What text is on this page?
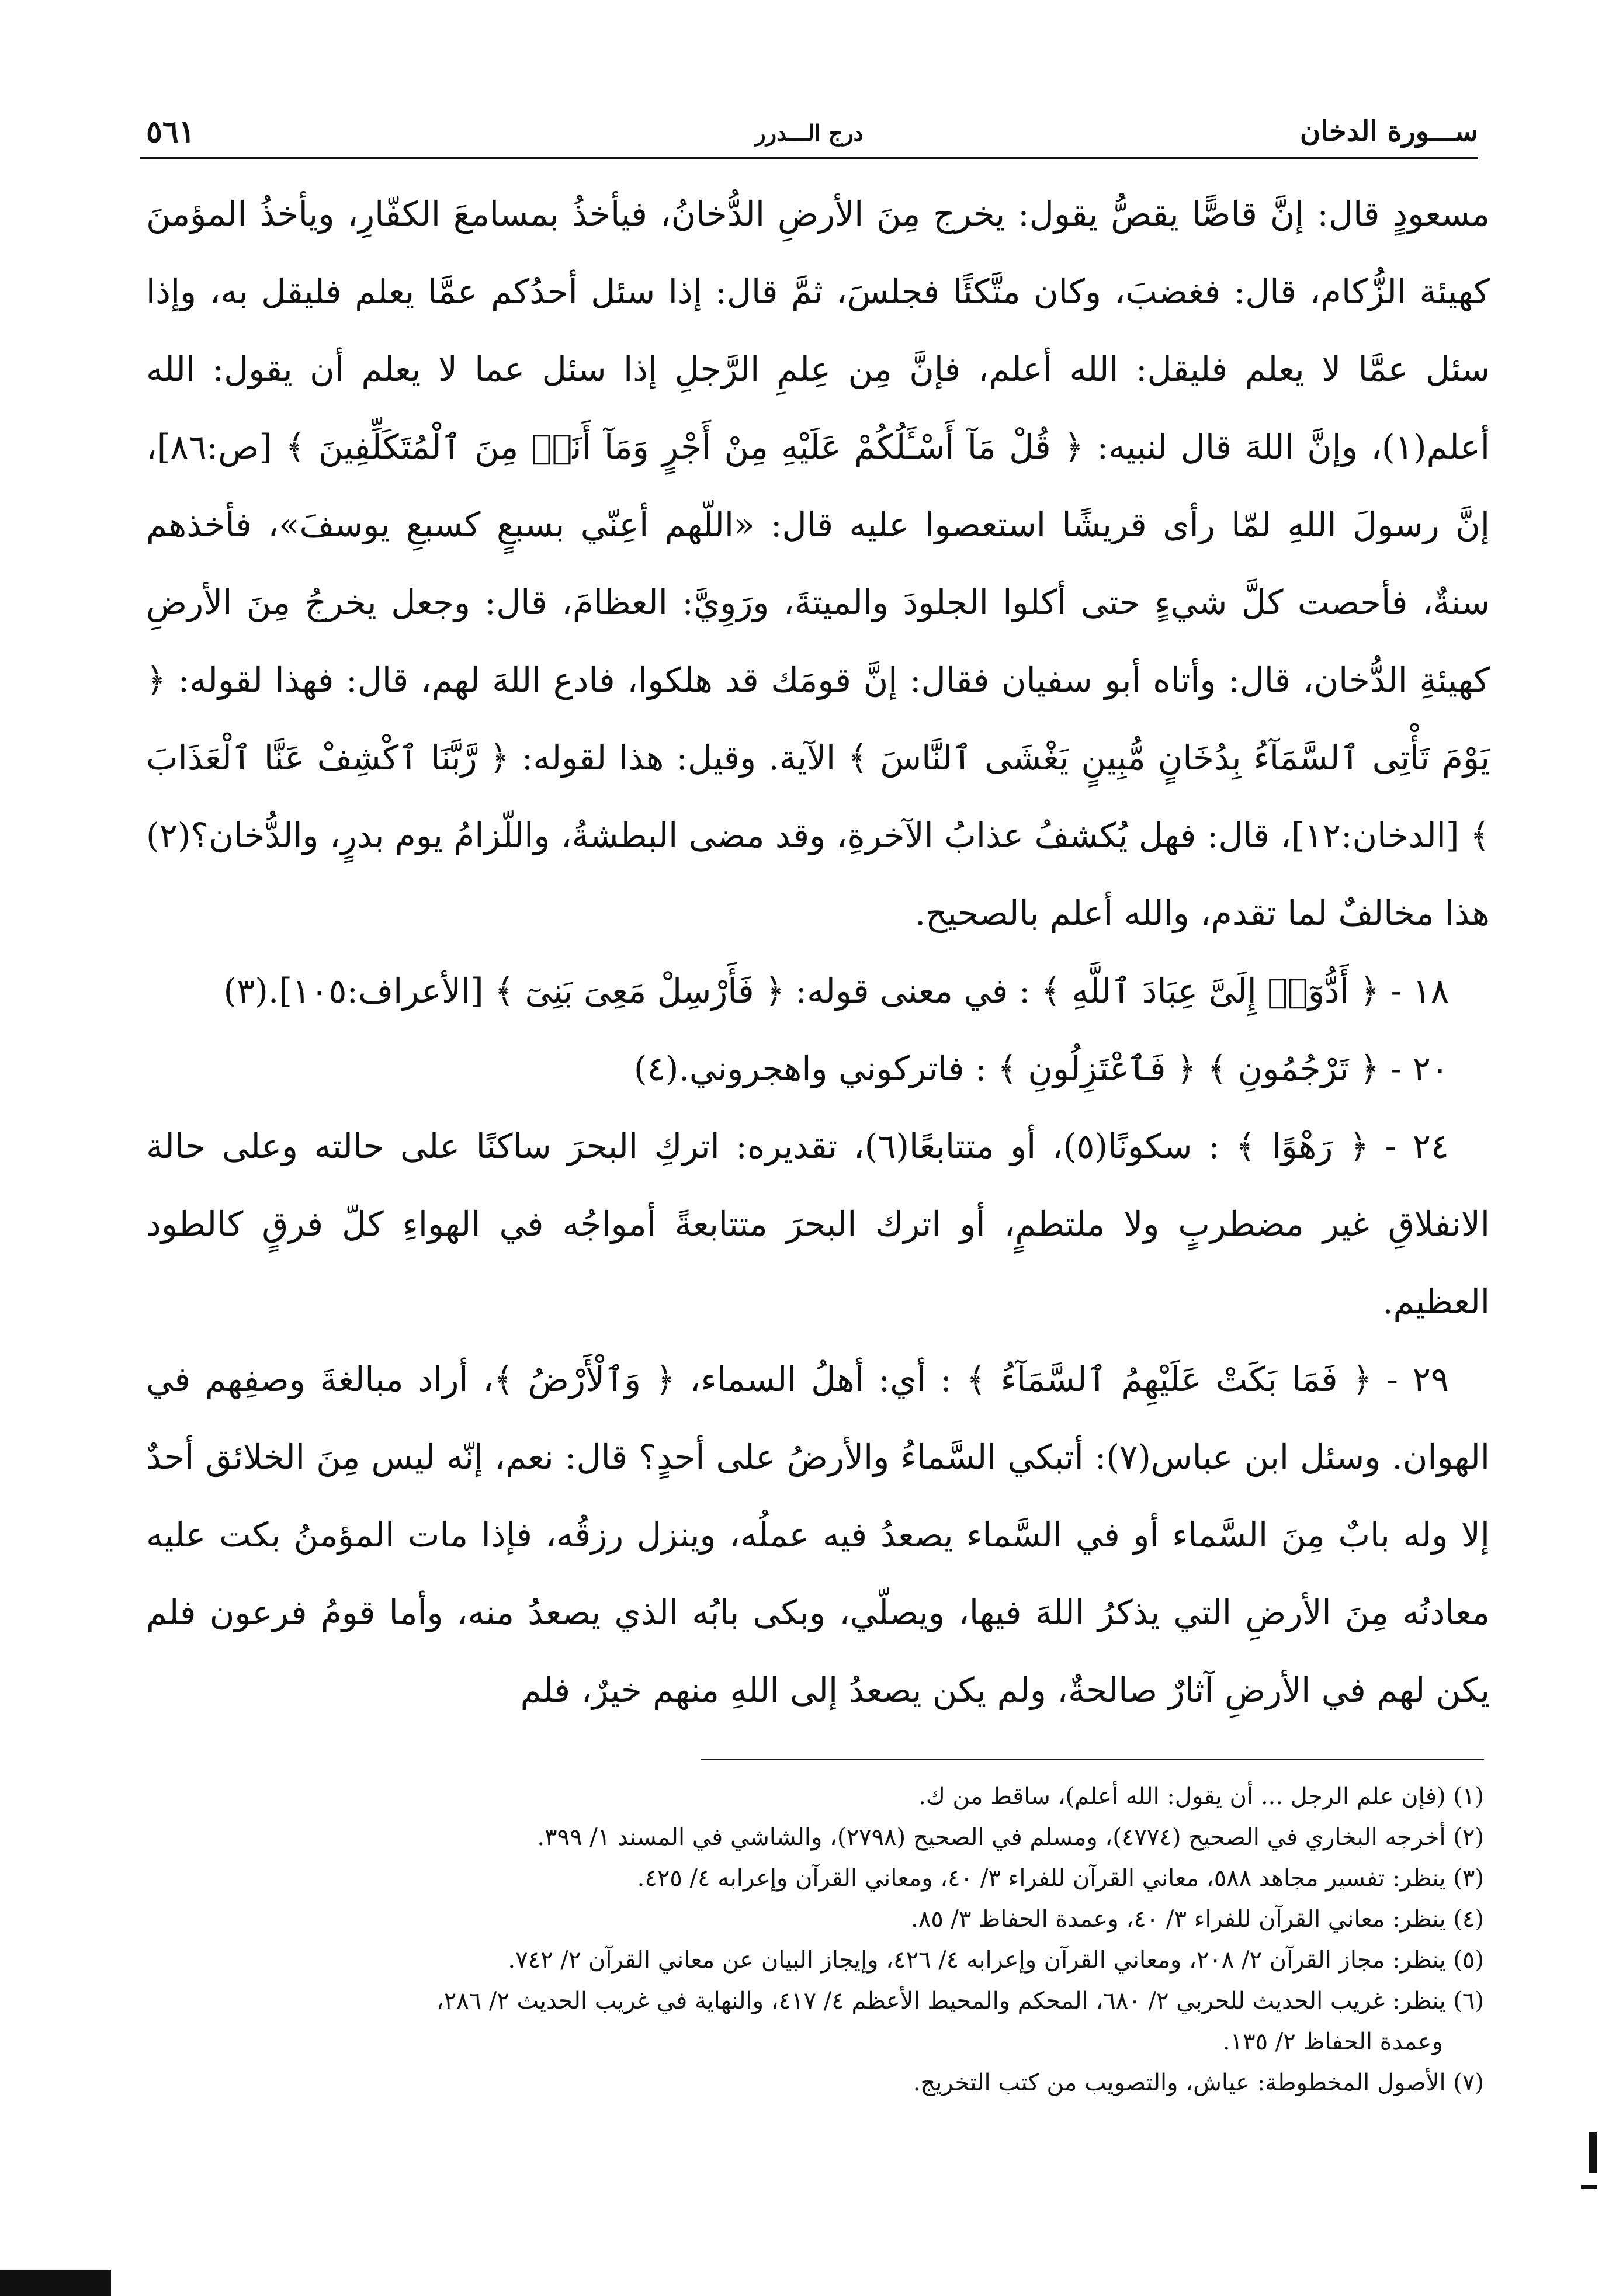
٥٦١	درج الـــدرر	ســـورة الدخان

مسعودٍ قال: إنَّ قاصًّا يقصُّ يقول: يخرج مِنَ الأرضِ الدُّخانُ، فيأخذُ بمسامعَ الكفّارِ، ويأخذُ المؤمنَ كهيئة الزُّكام، قال: فغضبَ، وكان متَّكئًا فجلسَ، ثمَّ قال: إذا سئل أحدُكم عمَّا يعلم فليقل به، وإذا سئل عمَّا لا يعلم فليقل: الله أعلم، فإنَّ مِن عِلمِ الرَّجلِ إذا سئل عما لا يعلم أن يقول: الله أعلم(١)، وإنَّ اللهَ قال لنبيه: ﴿ قُلْ مَآ أَسْـَٔلُكُمْ عَلَيْهِ مِنْ أَجْرٍ وَمَآ أَنَا۠ مِنَ ٱلْمُتَكَلِّفِينَ ﴾ [ص:٨٦]، إنَّ رسولَ اللهِ لمّا رأى قريشًا استعصوا عليه قال: «اللّهم أعِنّي بسبعٍ كسبعِ يوسفَ»، فأخذهم سنةٌ، فأحصت كلَّ شيءٍ حتى أكلوا الجلودَ والميتةَ، ورَوِيَّ: العظامَ، قال: وجعل يخرجُ مِنَ الأرضِ كهيئةِ الدُّخان، قال: وأتاه أبو سفيان فقال: إنَّ قومَك قد هلكوا، فادع اللهَ لهم، قال: فهذا لقوله: ﴿ يَوْمَ تَأْتِى ٱلسَّمَآءُ بِدُخَانٍ مُّبِينٍ يَغْشَى ٱلنَّاسَ ﴾ الآية. وقيل: هذا لقوله: ﴿ رَّبَّنَا ٱكْشِفْ عَنَّا ٱلْعَذَابَ ﴾ [الدخان:١٢]، قال: فهل يُكشفُ عذابُ الآخرةِ، وقد مضى البطشةُ، واللّزامُ يوم بدرٍ، والدُّخان؟(٢) هذا مخالفٌ لما تقدم، والله أعلم بالصحيح.

١٨ - ﴿ أَدُّوٓا۟ إِلَىَّ عِبَادَ ٱللَّهِ ﴾ : في معنى قوله: ﴿ فَأَرْسِلْ مَعِىَ بَنِىٓ ﴾ [الأعراف:١٠٥].(٣)

٢٠ - ﴿ تَرْجُمُونِ ﴾ ﴿ فَٱعْتَزِلُونِ ﴾ : فاتركوني واهجروني.(٤)

٢٤ - ﴿ رَهْوًا ﴾ : سكونًا(٥)، أو متتابعًا(٦)، تقديره: اتركِ البحرَ ساكنًا على حالته وعلى حالة الانفلاقِ غير مضطربٍ ولا ملتطمٍ، أو اترك البحرَ متتابعةً أمواجُه في الهواءِ كلّ فرقٍ كالطود العظيم.

٢٩ - ﴿ فَمَا بَكَتْ عَلَيْهِمُ ٱلسَّمَآءُ ﴾ : أي: أهلُ السماء، ﴿ وَٱلْأَرْضُ ﴾، أراد مبالغةَ وصفِهم في الهوان. وسئل ابن عباس(٧): أتبكي السَّماءُ والأرضُ على أحدٍ؟ قال: نعم، إنّه ليس مِنَ الخلائق أحدٌ إلا وله بابٌ مِنَ السَّماء أو في السَّماء يصعدُ فيه عملُه، وينزل رزقُه، فإذا مات المؤمنُ بكت عليه معادنُه مِنَ الأرضِ التي يذكرُ اللهَ فيها، ويصلّي، وبكى بابُه الذي يصعدُ منه، وأما قومُ فرعون فلم يكن لهم في الأرضِ آثارٌ صالحةٌ، ولم يكن يصعدُ إلى اللهِ منهم خيرٌ، فلم

(١) (فإن علم الرجل ... أن يقول: الله أعلم)، ساقط من ك.

(٢) أخرجه البخاري في الصحيح (٤٧٧٤)، ومسلم في الصحيح (٢٧٩٨)، والشاشي في المسند ١/ ٣٩٩.

(٣) ينظر: تفسير مجاهد ٥٨٨، معاني القرآن للفراء ٣/ ٤٠، ومعاني القرآن وإعرابه ٤/ ٤٢٥.

(٤) ينظر: معاني القرآن للفراء ٣/ ٤٠، وعمدة الحفاظ ٣/ ٨٥.

(٥) ينظر: مجاز القرآن ٢/ ٢٠٨، ومعاني القرآن وإعرابه ٤/ ٤٢٦، وإيجاز البيان عن معاني القرآن ٢/ ٧٤٢.

(٦) ينظر: غريب الحديث للحربي ٢/ ٦٨٠، المحكم والمحيط الأعظم ٤/ ٤١٧، والنهاية في غريب الحديث ٢/ ٢٨٦،

وعمدة الحفاظ ٢/ ١٣٥.

(٧) الأصول المخطوطة: عياش، والتصويب من كتب التخريج.
